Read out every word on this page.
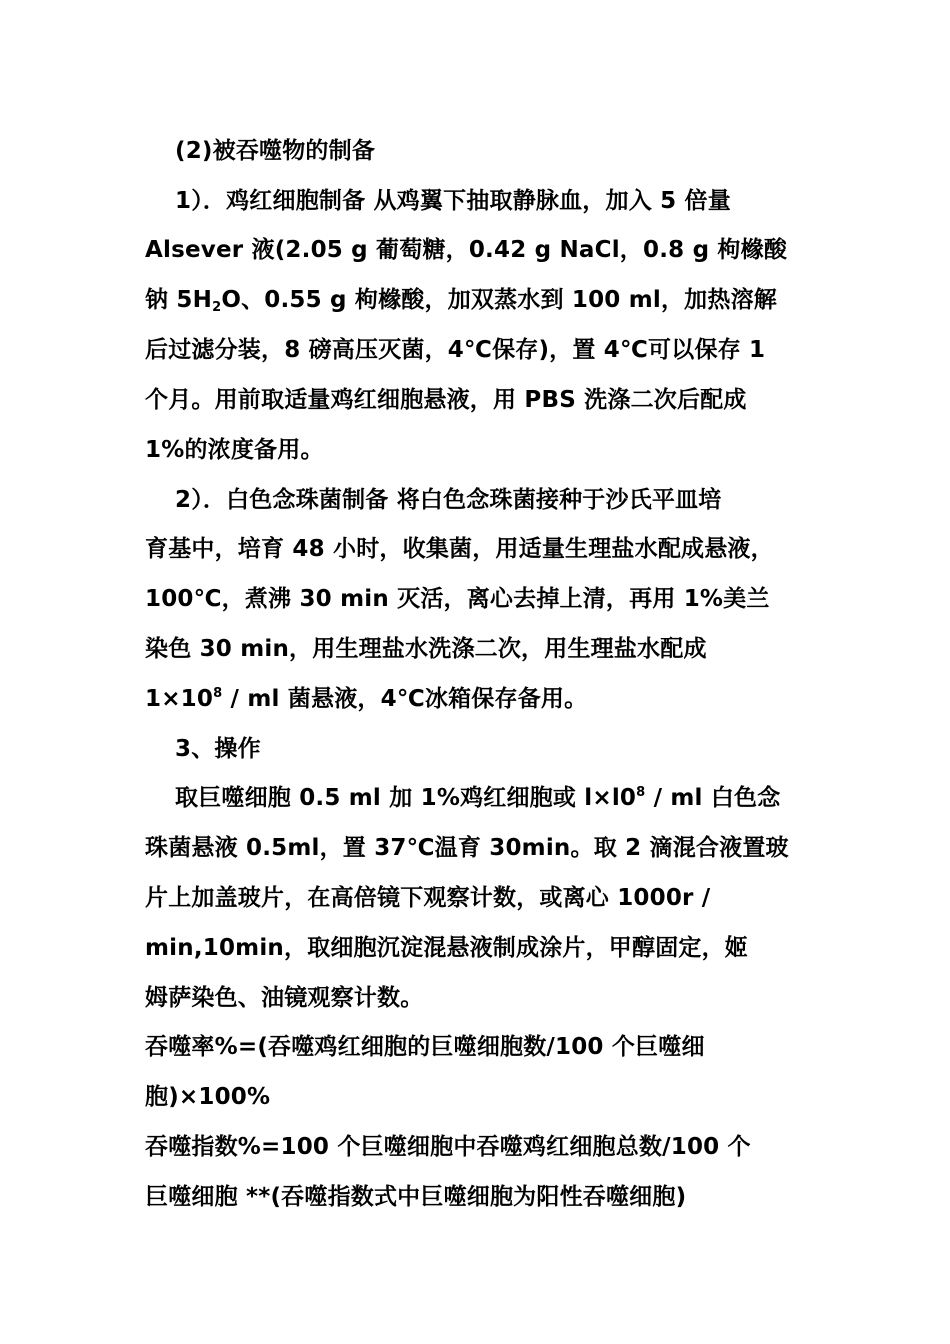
(2)被吞噬物的制备
1）．鸡红细胞制备 从鸡翼下抽取静脉血，加入 5 倍量
Alsever 液(2.05 g 葡萄糖，0.42 g NaCl，0.8 g 枸橼酸
钠 $5H_2O$、0.55 g 枸橼酸，加双蒸水到 100 ml，加热溶解
后过滤分装，8 磅高压灭菌，4℃保存)，置 4℃可以保存 1
个月。用前取适量鸡红细胞悬液，用 PBS 洗涤二次后配成
1%的浓度备用。
2）．白色念珠菌制备 将白色念珠菌接种于沙氏平皿培
育基中，培育 48 小时，收集菌，用适量生理盐水配成悬液，
100℃，煮沸 30 min 灭活，离心去掉上清，再用 1%美兰
染色 30 min，用生理盐水洗涤二次，用生理盐水配成
$1\times 10^8$ / ml 菌悬液，4℃冰箱保存备用。
3、操作
取巨噬细胞 0.5 ml 加 1%鸡红细胞或 $l\times l0^8$ / ml 白色念
珠菌悬液 0.5ml，置 37℃温育 30min。取 2 滴混合液置玻
片上加盖玻片，在高倍镜下观察计数，或离心 1000r /
min,10min，取细胞沉淀混悬液制成涂片，甲醇固定，姬
姆萨染色、油镜观察计数。
吞噬率%=(吞噬鸡红细胞的巨噬细胞数/100 个巨噬细
胞)×100%
吞噬指数%=100 个巨噬细胞中吞噬鸡红细胞总数/100 个
巨噬细胞 **(吞噬指数式中巨噬细胞为阳性吞噬细胞)
